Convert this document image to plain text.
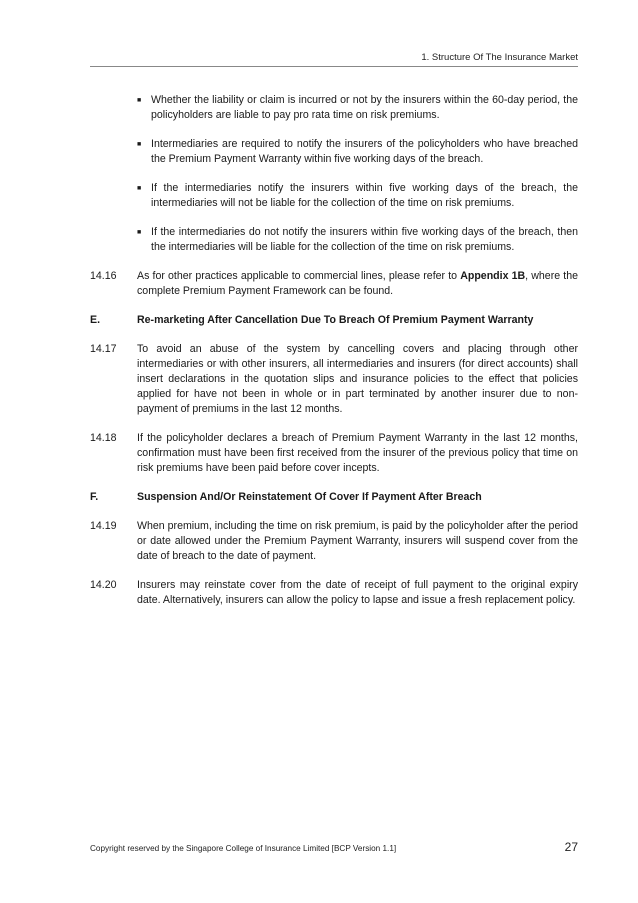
1. Structure Of The Insurance Market
■ Whether the liability or claim is incurred or not by the insurers within the 60-day period, the policyholders are liable to pay pro rata time on risk premiums.
■ Intermediaries are required to notify the insurers of the policyholders who have breached the Premium Payment Warranty within five working days of the breach.
■ If the intermediaries notify the insurers within five working days of the breach, the intermediaries will not be liable for the collection of the time on risk premiums.
■ If the intermediaries do not notify the insurers within five working days of the breach, then the intermediaries will be liable for the collection of the time on risk premiums.
14.16	As for other practices applicable to commercial lines, please refer to Appendix 1B, where the complete Premium Payment Framework can be found.
E.	Re-marketing After Cancellation Due To Breach Of Premium Payment Warranty
14.17	To avoid an abuse of the system by cancelling covers and placing through other intermediaries or with other insurers, all intermediaries and insurers (for direct accounts) shall insert declarations in the quotation slips and insurance policies to the effect that policies applied for have not been in whole or in part terminated by another insurer due to non-payment of premiums in the last 12 months.
14.18	If the policyholder declares a breach of Premium Payment Warranty in the last 12 months, confirmation must have been first received from the insurer of the previous policy that time on risk premiums have been paid before cover incepts.
F.	Suspension And/Or Reinstatement Of Cover If Payment After Breach
14.19	When premium, including the time on risk premium, is paid by the policyholder after the period or date allowed under the Premium Payment Warranty, insurers will suspend cover from the date of breach to the date of payment.
14.20	Insurers may reinstate cover from the date of receipt of full payment to the original expiry date. Alternatively, insurers can allow the policy to lapse and issue a fresh replacement policy.
Copyright reserved by the Singapore College of Insurance Limited [BCP Version 1.1]	27
